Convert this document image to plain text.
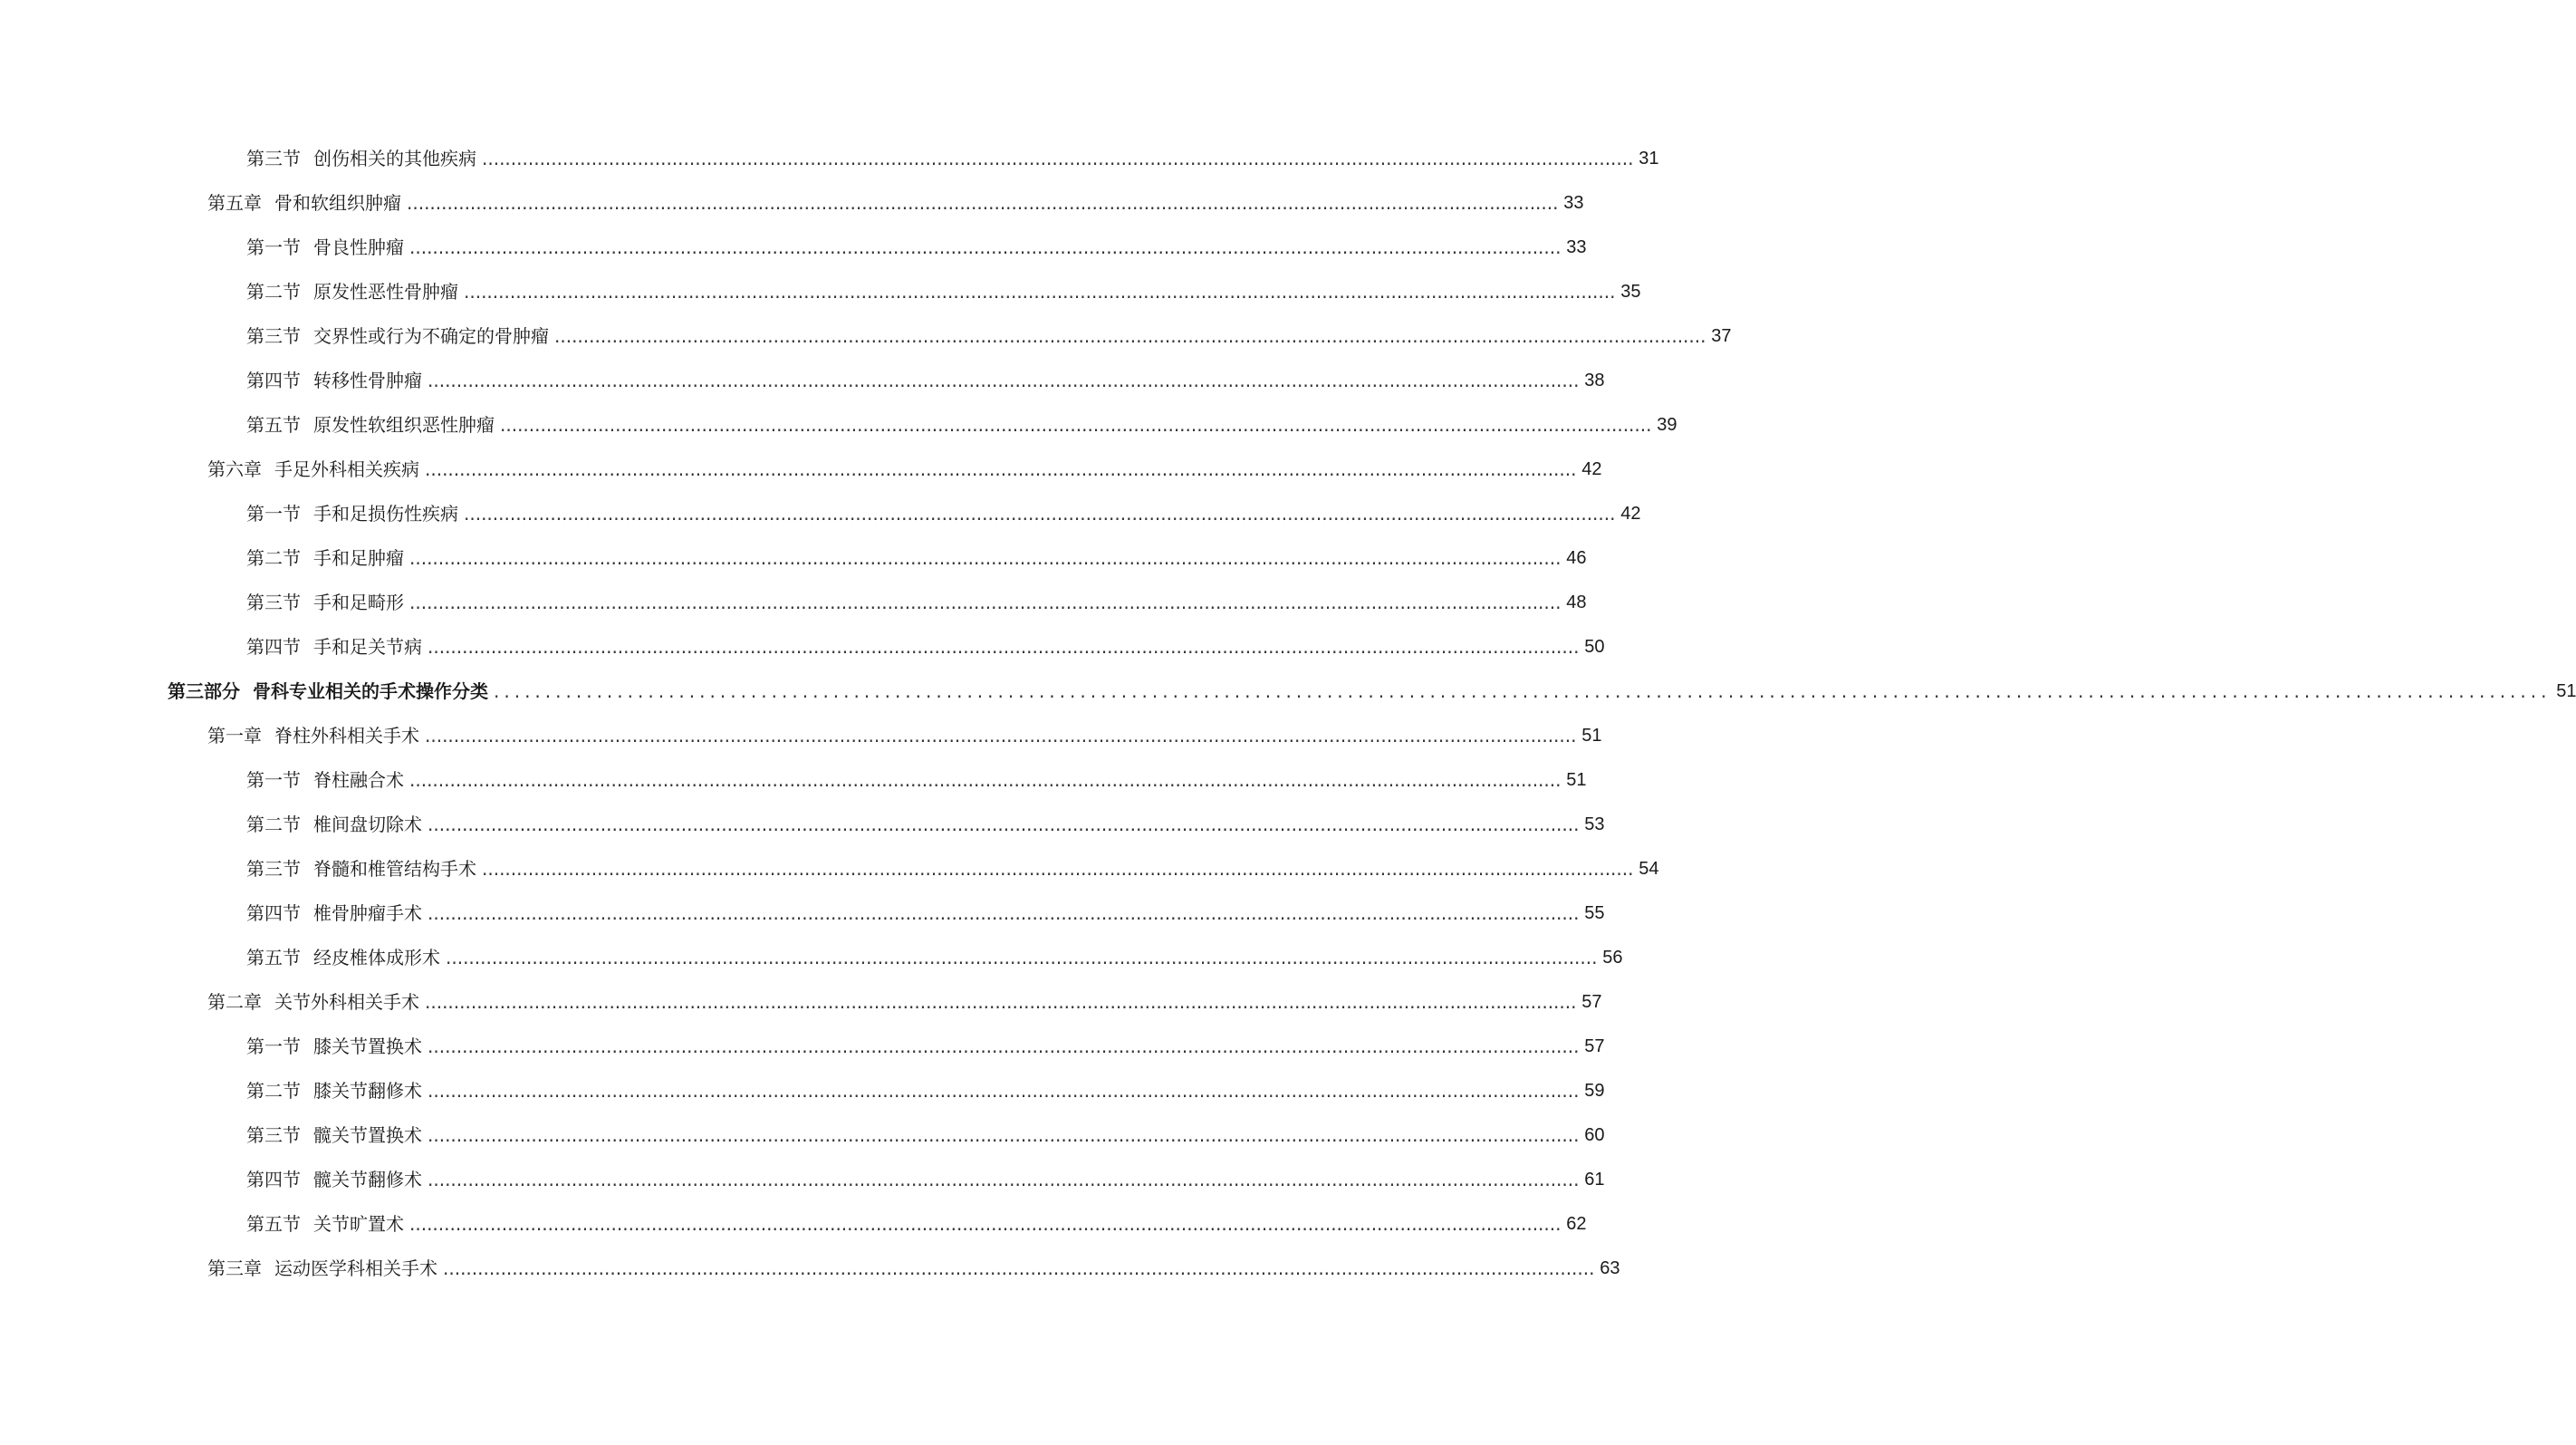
第三节 创伤相关的其他疾病 ........................................................................................................................................................................................................ 31
第五章 骨和软组织肿瘤 ........................................................................................................................................................................................................ 33
第一节 骨良性肿瘤 ........................................................................................................................................................................................................ 33
第二节 原发性恶性骨肿瘤 ........................................................................................................................................................................................................ 35
第三节 交界性或行为不确定的骨肿瘤 ........................................................................................................................................................................................................ 37
第四节 转移性骨肿瘤 ........................................................................................................................................................................................................ 38
第五节 原发性软组织恶性肿瘤 ........................................................................................................................................................................................................ 39
第六章 手足外科相关疾病 ........................................................................................................................................................................................................ 42
第一节 手和足损伤性疾病 ........................................................................................................................................................................................................ 42
第二节 手和足肿瘤 ........................................................................................................................................................................................................ 46
第三节 手和足畸形 ........................................................................................................................................................................................................ 48
第四节 手和足关节病 ........................................................................................................................................................................................................ 50
第三部分 骨科专业相关的手术操作分类 ........................................................................................................................................................................................................ 51
第一章 脊柱外科相关手术 ........................................................................................................................................................................................................ 51
第一节 脊柱融合术 ........................................................................................................................................................................................................ 51
第二节 椎间盘切除术 ........................................................................................................................................................................................................ 53
第三节 脊髓和椎管结构手术 ........................................................................................................................................................................................................ 54
第四节 椎骨肿瘤手术 ........................................................................................................................................................................................................ 55
第五节 经皮椎体成形术 ........................................................................................................................................................................................................ 56
第二章 关节外科相关手术 ........................................................................................................................................................................................................ 57
第一节 膝关节置换术 ........................................................................................................................................................................................................ 57
第二节 膝关节翻修术 ........................................................................................................................................................................................................ 59
第三节 髋关节置换术 ........................................................................................................................................................................................................ 60
第四节 髋关节翻修术 ........................................................................................................................................................................................................ 61
第五节 关节旷置术 ........................................................................................................................................................................................................ 62
第三章 运动医学科相关手术 ........................................................................................................................................................................................................ 63
